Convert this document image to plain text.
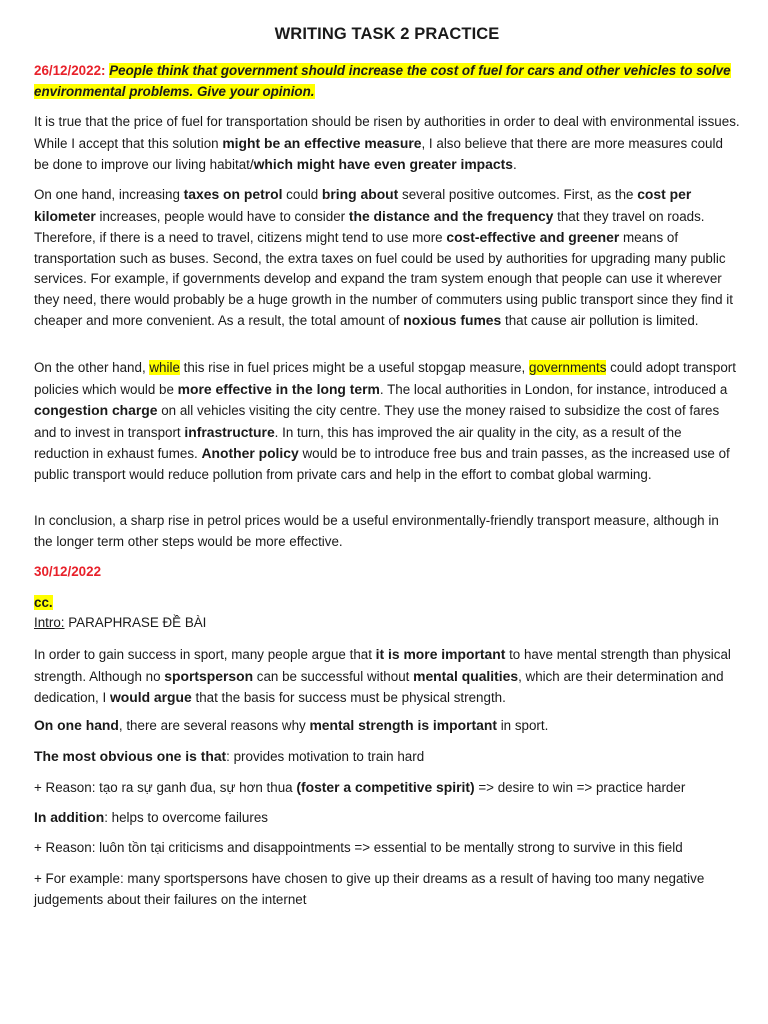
WRITING TASK 2 PRACTICE
26/12/2022: People think that government should increase the cost of fuel for cars and other vehicles to solve environmental problems. Give your opinion.
It is true that the price of fuel for transportation should be risen by authorities in order to deal with environmental issues. While I accept that this solution might be an effective measure, I also believe that there are more measures could be done to improve our living habitat/which might have even greater impacts.
On one hand, increasing taxes on petrol could bring about several positive outcomes. First, as the cost per kilometer increases, people would have to consider the distance and the frequency that they travel on roads. Therefore, if there is a need to travel, citizens might tend to use more cost-effective and greener means of transportation such as buses. Second, the extra taxes on fuel could be used by authorities for upgrading many public services. For example, if governments develop and expand the tram system enough that people can use it wherever they need, there would probably be a huge growth in the number of commuters using public transport since they find it cheaper and more convenient. As a result, the total amount of noxious fumes that cause air pollution is limited.
On the other hand, while this rise in fuel prices might be a useful stopgap measure, governments could adopt transport policies which would be more effective in the long term. The local authorities in London, for instance, introduced a congestion charge on all vehicles visiting the city centre. They use the money raised to subsidize the cost of fares and to invest in transport infrastructure. In turn, this has improved the air quality in the city, as a result of the reduction in exhaust fumes. Another policy would be to introduce free bus and train passes, as the increased use of public transport would reduce pollution from private cars and help in the effort to combat global warming.
In conclusion, a sharp rise in petrol prices would be a useful environmentally-friendly transport measure, although in the longer term other steps would be more effective.
30/12/2022
cc.
Intro: PARAPHRASE ĐỀ BÀI
In order to gain success in sport, many people argue that it is more important to have mental strength than physical strength. Although no sportsperson can be successful without mental qualities, which are their determination and dedication, I would argue that the basis for success must be physical strength.
On one hand, there are several reasons why mental strength is important in sport.
The most obvious one is that: provides motivation to train hard
+ Reason: tạo ra sự ganh đua, sự hơn thua (foster a competitive spirit) => desire to win => practice harder
In addition: helps to overcome failures
+ Reason: luôn tồn tại criticisms and disappointments => essential to be mentally strong to survive in this field
+ For example: many sportspersons have chosen to give up their dreams as a result of having too many negative judgements about their failures on the internet
